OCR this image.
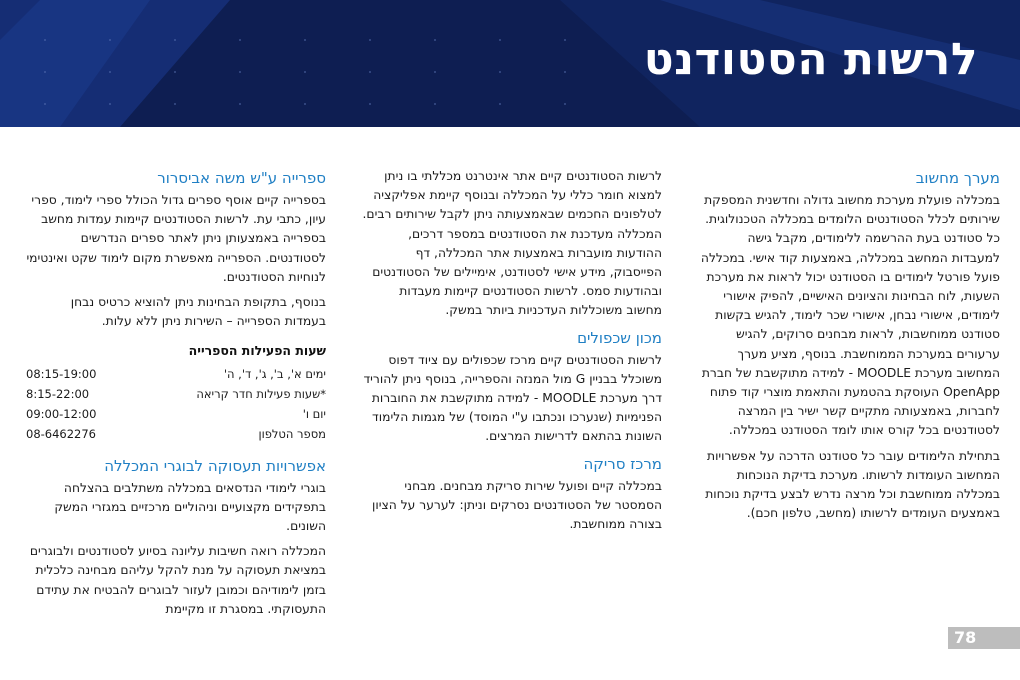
לרשות הסטודנט
מערך מחשוב

במכללה פועלת מערכת מחשוב גדולה וחדשנית המספקת שירותים לכלל הסטודנטים הלומדים במכללה הטכנולוגית. כל סטודנט בעת ההרשמה ללימודים, מקבל גישה למעבדות המחשב במכללה, באמצעות קוד אישי. במכללה פועל פורטל לימודים בו הסטודנט יכול לראות את מערכת השעות, לוח הבחינות והציונים האישיים, להפיק אישורי לימודים, אישורי נבחן, אישורי שכר לימוד, להגיש בקשות סטודנט ממוחשבות, לראות מבחנים סרוקים, להגיש ערעורים במערכת הממוחשבת. בנוסף, מציע מערך המחשוב מערכת MOODLE - למידה מתוקשבת של חברת OpenApp העוסקת בהטמעת והתאמת מוצרי קוד פתוח לחברות, באמצעותה מתקיים קשר ישיר בין המרצה לסטודנטים בכל קורס אותו לומד הסטודנט במכללה.

בתחילת הלימודים עובר כל סטודנט הדרכה על אפשרויות המחשוב העומדות לרשותו. מערכת בדיקת הנוכחות במכללה ממוחשבת וכל מרצה נדרש לבצע בדיקת נוכחות באמצעים העומדים לרשותו (מחשב, טלפון חכם).

לרשות הסטודנטים קיים אתר אינטרנט מכללתי בו ניתן למצוא חומר כללי על המכללה ובנוסף קיימת אפליקציה לטלפונים החכמים שבאמצעותה ניתן לקבל שירותים רבים. המכללה מעדכנת את הסטודנטים במספר דרכים, ההודעות מועברות באמצעות אתר המכללה, דף הפייסבוק, מידע אישי לסטודנט, אימיילים של הסטודנטים ובהודעות סמס. לרשות הסטודנטים קיימות מעבדות מחשוב משוכללות העדכניות ביותר במשק.

מכון שכפולים

לרשות הסטודנטים קיים מרכז שכפולים עם ציוד דפוס משוכלל בבניין G מול המנזה והספרייה, בנוסף ניתן להוריד דרך מערכת MOODLE - למידה מתוקשבת את החוברות הפנימיות (שנערכו ונכתבו ע"י המוסד) של מגמות הלימוד השונות בהתאם לדרישות המרצים.

מרכז סריקה

במכללה קיים ופועל שירות סריקת מבחנים. מבחני הסמסטר של הסטודנטים נסרקים וניתן: לערער על הציון בצורה ממוחשבת.

ספרייה ע"ש משה אביסרור

בספרייה קיים אוסף ספרים גדול הכולל ספרי לימוד, ספרי עיון, כתבי עת. לרשות הסטודנטים קיימות עמדות מחשב בספרייה באמצעותן ניתן לאתר ספרים הנדרשים לסטודנטים. הספרייה מאפשרת מקום לימוד שקט ואינטימי לנוחיות הסטודנטים.

בנוסף, בתקופת הבחינות ניתן להוציא כרטיס נבחן בעמדות הספרייה – השירות ניתן ללא עלות.

שעות הפעילות הספרייה
ימים א', ב', ג', ד', ה'	08:15-19:00
*שעות פעילות חדר קריאה	8:15-22:00
יום ו'	09:00-12:00
מספר הטלפון	08-6462276
אפשרויות תעסוקה לבוגרי המכללה

בוגרי לימודי הנדסאים במכללה משתלבים בהצלחה בתפקידים מקצועיים וניהוליים מרכזיים במגזרי המשק השונים.

המכללה רואה חשיבות עליונה בסיוע לסטודנטים ולבוגרים במציאת תעסוקה על מנת להקל עליהם מבחינה כלכלית בזמן לימודיהם וכמובן לעזור לבוגרים להבטיח את עתידם התעסוקתי. במסגרת זו מקיימת

78
